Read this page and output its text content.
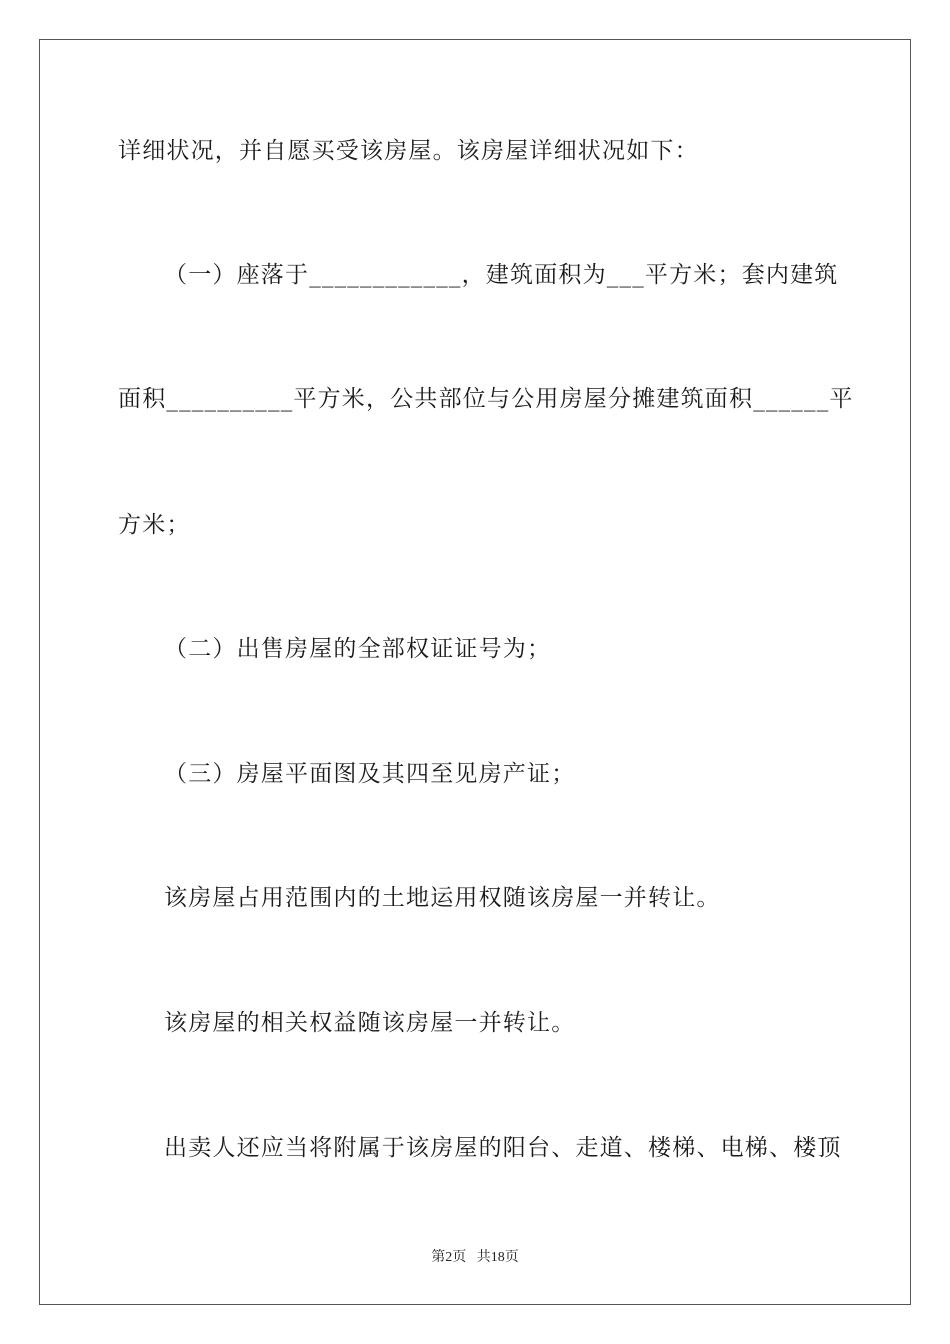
详细状况，并自愿买受该房屋。该房屋详细状况如下：
（一）座落于____________，建筑面积为___平方米；套内建筑
面积__________平方米，公共部位与公用房屋分摊建筑面积______平
方米；
（二）出售房屋的全部权证证号为；
（三）房屋平面图及其四至见房产证；
该房屋占用范围内的土地运用权随该房屋一并转让。
该房屋的相关权益随该房屋一并转让。
出卖人还应当将附属于该房屋的阳台、走道、楼梯、电梯、楼顶
第2页 共18页
